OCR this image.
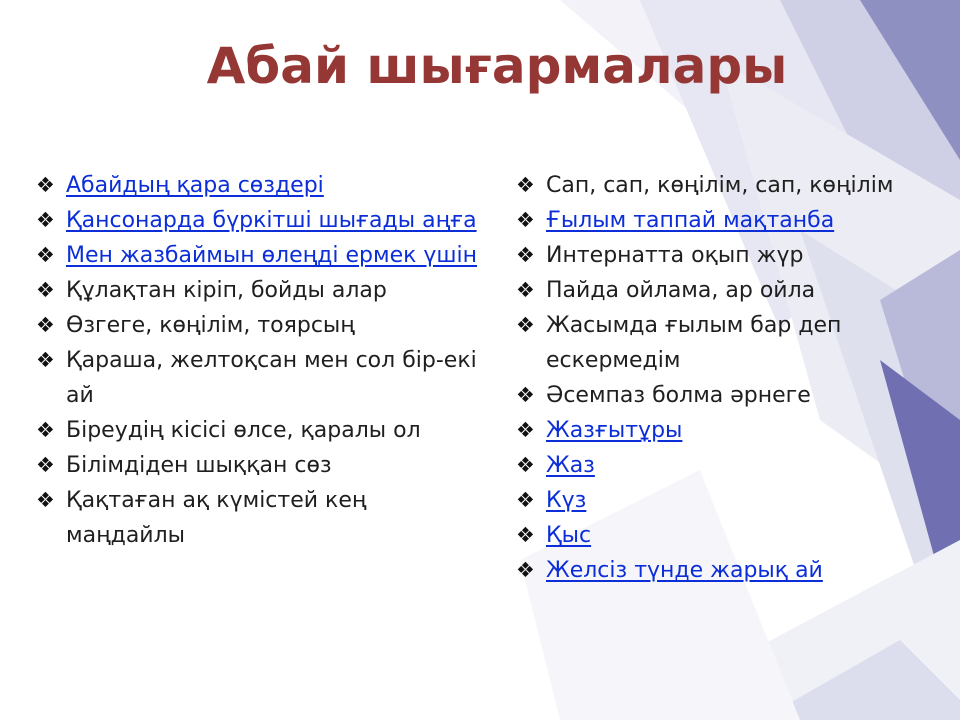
Абай шығармалары
❖ Абайдың қара сөздері
❖ Қансонарда бүркітші шығады аңға
❖ Мен жазбаймын өлеңді ермек үшін
❖ Құлақтан кіріп, бойды алар
❖ Өзгеге, көңілім, тоярсың
❖ Қараша, желтоқсан мен сол бір-екі ай
❖ Біреудің кісісі өлсе, қаралы ол
❖ Білімдіден шыққан сөз
❖ Қақтаған ақ күмістей кең маңдайлы
❖ Сап, сап, көңілім, сап, көңілім
❖ Ғылым таппай мақтанба
❖ Интернатта оқып жүр
❖ Пайда ойлама, ар ойла
❖ Жасымда ғылым бар деп ескермедім
❖ Әсемпаз болма әрнеге
❖ Жазғытұры
❖ Жаз
❖ Күз
❖ Қыс
❖ Желсіз түнде жарық ай
